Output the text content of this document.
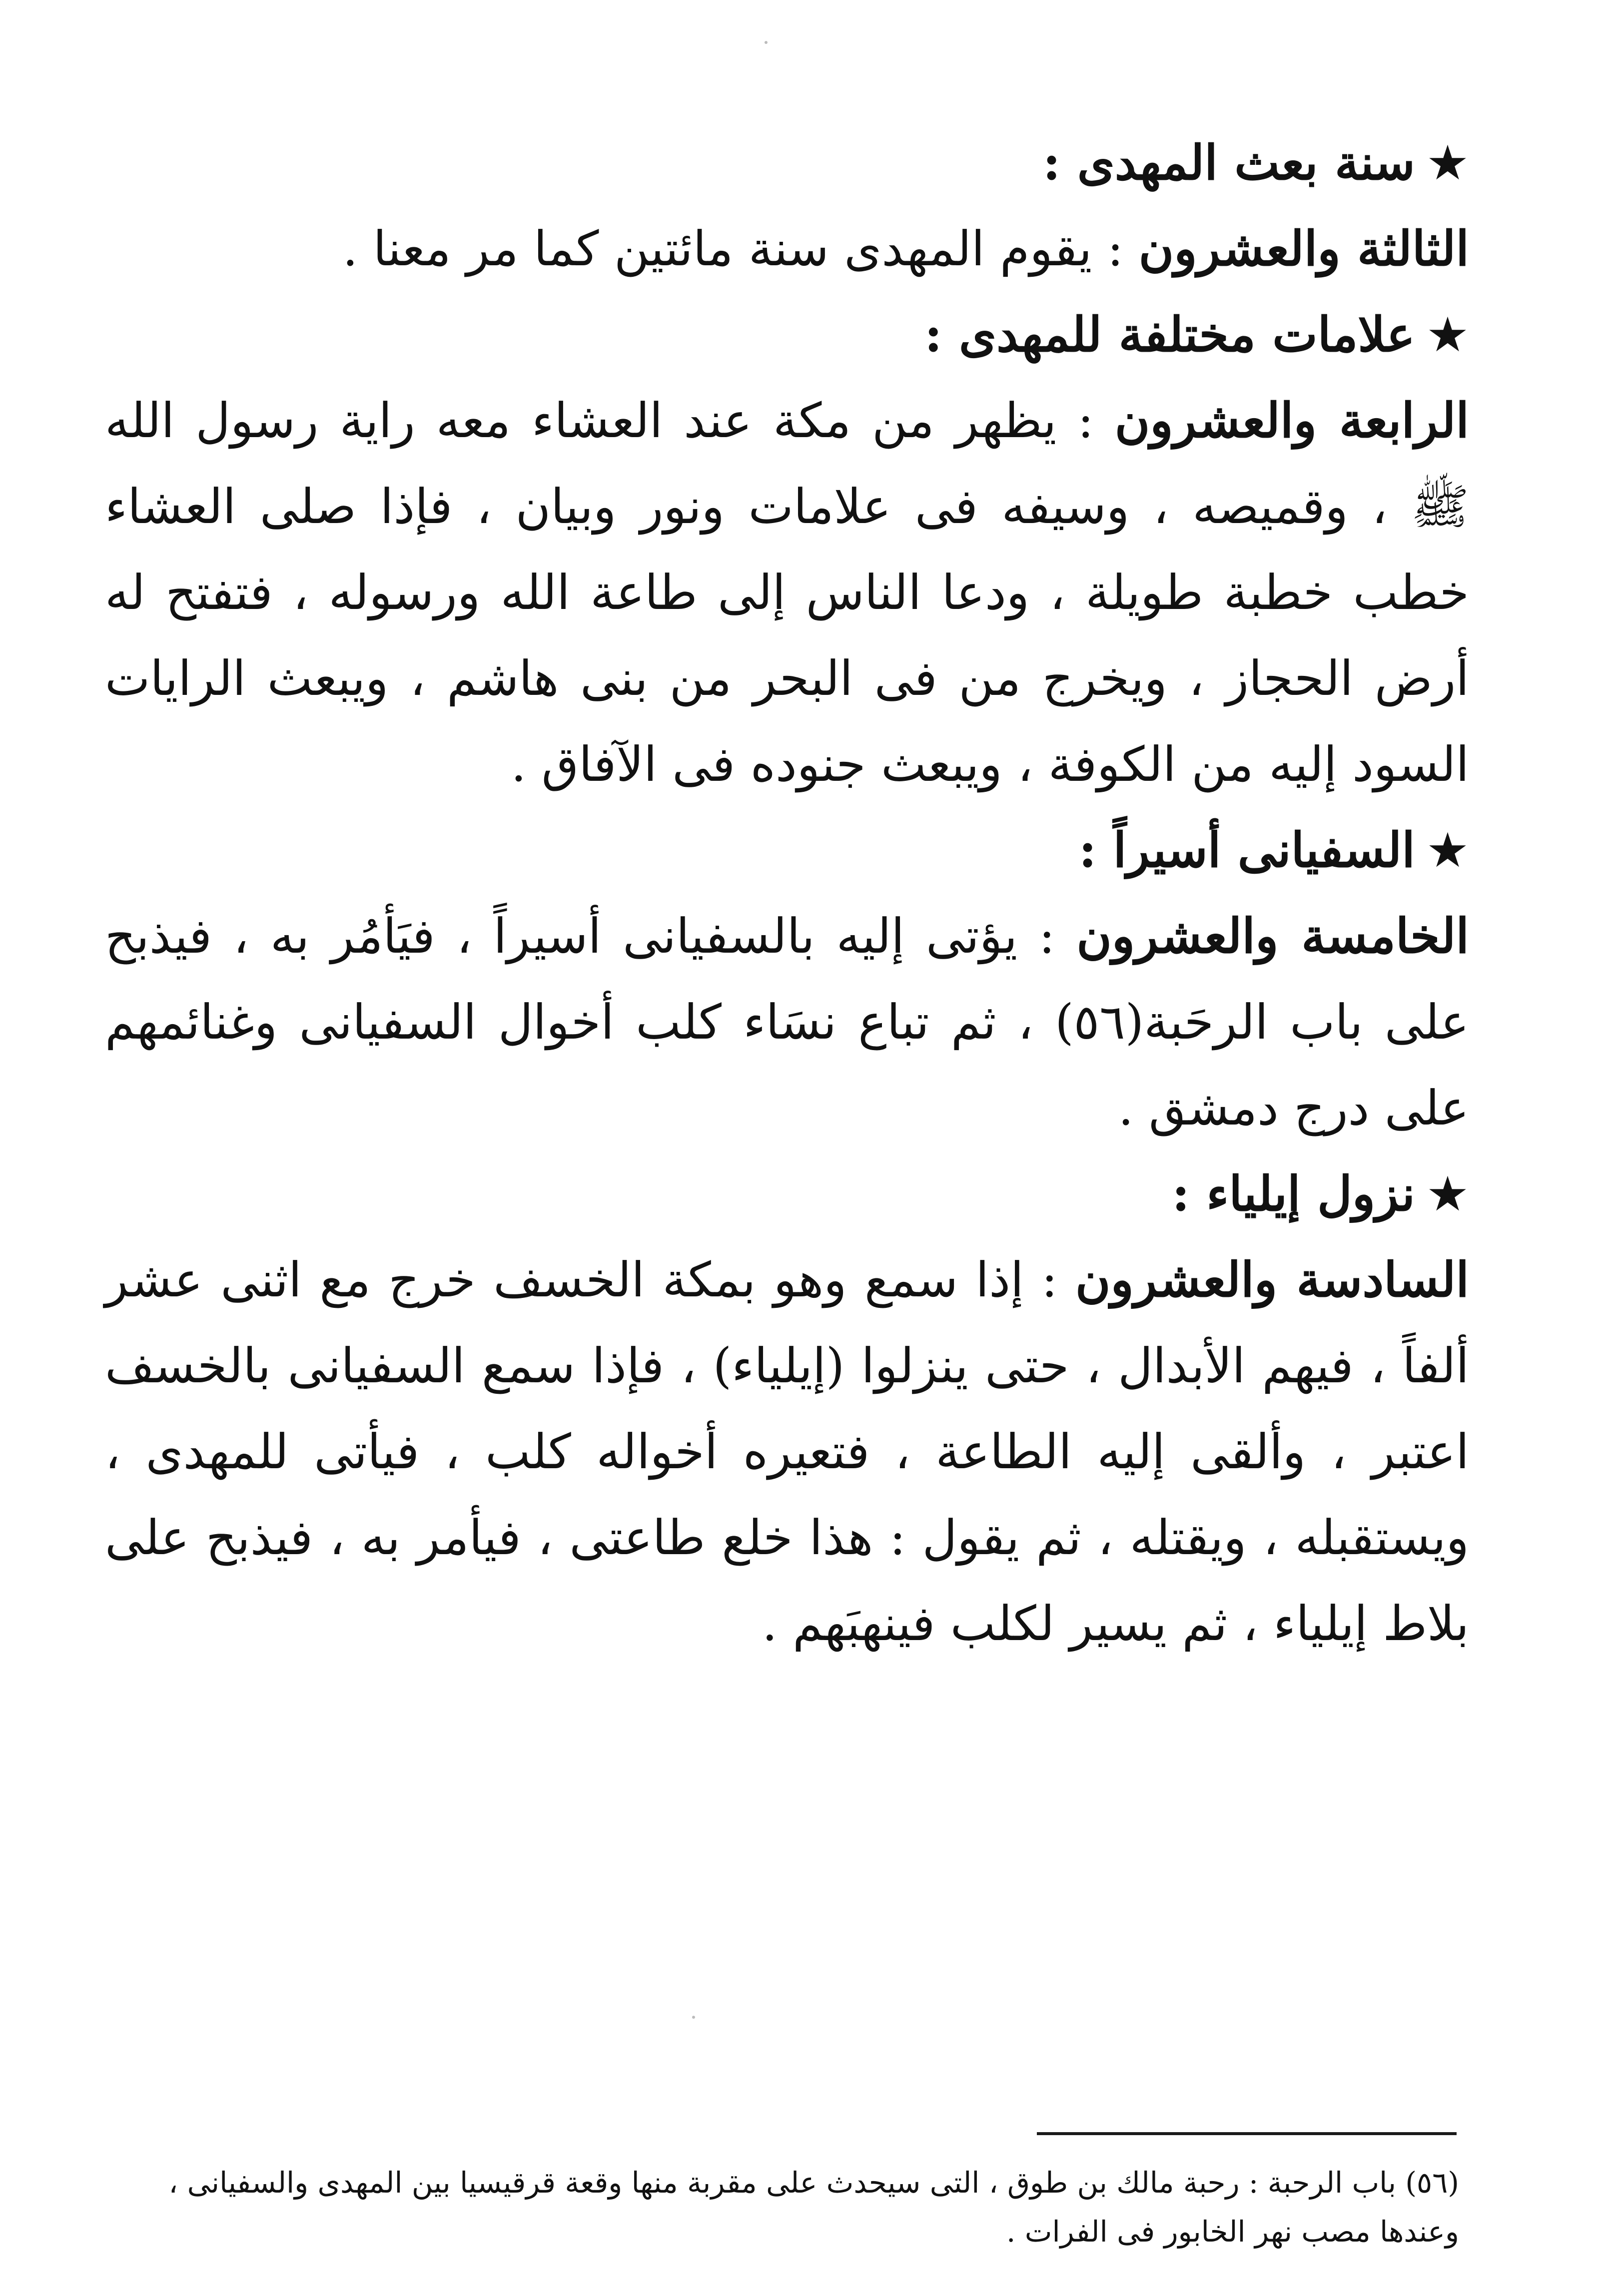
★سنة بعث المهدى :

الثالثة والعشرون : يقوم المهدى سنة مائتين كما مر معنا .

★علامات مختلفة للمهدى :

الرابعة والعشرون : يظهر من مكة عند العشاء معه راية رسول الله ﷺ ، وقميصه ، وسيفه فى علامات ونور وبيان ، فإذا صلى العشاء خطب خطبة طويلة ، ودعا الناس إلى طاعة الله ورسوله ، فتفتح له أرض الحجاز ، ويخرج من فى البحر من بنى هاشم ، ويبعث الرايات السود إليه من الكوفة ، ويبعث جنوده فى الآفاق .

★السفيانى أسيراً :

الخامسة والعشرون : يؤتى إليه بالسفيانى أسيراً ، فيَأمُر به ، فيذبح على باب الرحَبة(٥٦) ، ثم تباع نسَاء كلب أخوال السفيانى وغنائمهم على درج دمشق .

★نزول إيلياء :

السادسة والعشرون : إذا سمع وهو بمكة الخسف خرج مع اثنى عشر ألفاً ، فيهم الأبدال ، حتى ينزلوا (إيلياء) ، فإذا سمع السفيانى بالخسف اعتبر ، وألقى إليه الطاعة ، فتعيره أخواله كلب ، فيأتى للمهدى ، ويستقبله ، ويقتله ، ثم يقول : هذا خلع طاعتى ، فيأمر به ، فيذبح على بلاط إيلياء ، ثم يسير لكلب فينهبَهم .

(٥٦) باب الرحبة : رحبة مالك بن طوق ، التى سيحدث على مقربة منها وقعة قرقيسيا بين المهدى والسفيانى ، وعندها مصب نهر الخابور فى الفرات .
